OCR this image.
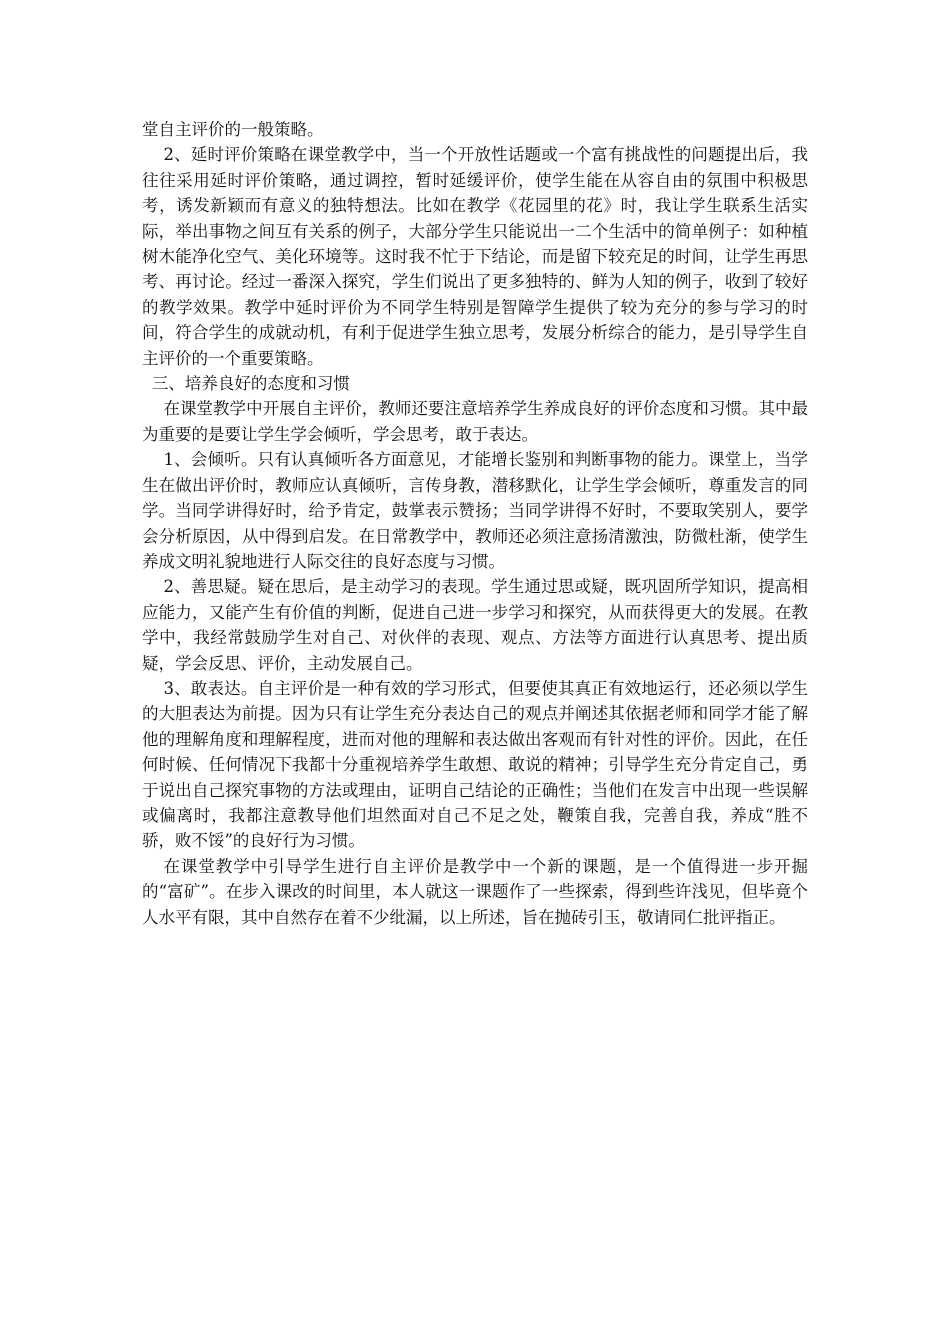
堂自主评价的一般策略。

2、延时评价策略在课堂教学中，当一个开放性话题或一个富有挑战性的问题提出后，我往往采用延时评价策略，通过调控，暂时延缓评价，使学生能在从容自由的氛围中积极思考，诱发新颖而有意义的独特想法。比如在教学《花园里的花》时，我让学生联系生活实际，举出事物之间互有关系的例子，大部分学生只能说出一二个生活中的简单例子：如种植树木能净化空气、美化环境等。这时我不忙于下结论，而是留下较充足的时间，让学生再思考、再讨论。经过一番深入探究，学生们说出了更多独特的、鲜为人知的例子，收到了较好的教学效果。教学中延时评价为不同学生特别是智障学生提供了较为充分的参与学习的时间，符合学生的成就动机，有利于促进学生独立思考，发展分析综合的能力，是引导学生自主评价的一个重要策略。

三、培养良好的态度和习惯

在课堂教学中开展自主评价，教师还要注意培养学生养成良好的评价态度和习惯。其中最为重要的是要让学生学会倾听，学会思考，敢于表达。

1、会倾听。只有认真倾听各方面意见，才能增长鉴别和判断事物的能力。课堂上，当学生在做出评价时，教师应认真倾听，言传身教，潜移默化，让学生学会倾听，尊重发言的同学。当同学讲得好时，给予肯定，鼓掌表示赞扬；当同学讲得不好时，不要取笑别人，要学会分析原因，从中得到启发。在日常教学中，教师还必须注意扬清激浊，防微杜渐，使学生养成文明礼貌地进行人际交往的良好态度与习惯。

2、善思疑。疑在思后，是主动学习的表现。学生通过思或疑，既巩固所学知识，提高相应能力，又能产生有价值的判断，促进自己进一步学习和探究，从而获得更大的发展。在教学中，我经常鼓励学生对自己、对伙伴的表现、观点、方法等方面进行认真思考、提出质疑，学会反思、评价，主动发展自己。

3、敢表达。自主评价是一种有效的学习形式，但要使其真正有效地运行，还必须以学生的大胆表达为前提。因为只有让学生充分表达自己的观点并阐述其依据老师和同学才能了解他的理解角度和理解程度，进而对他的理解和表达做出客观而有针对性的评价。因此，在任何时候、任何情况下我都十分重视培养学生敢想、敢说的精神；引导学生充分肯定自己，勇于说出自己探究事物的方法或理由，证明自己结论的正确性；当他们在发言中出现一些误解或偏离时，我都注意教导他们坦然面对自己不足之处，鞭策自我，完善自我，养成“胜不骄，败不馁”的良好行为习惯。

在课堂教学中引导学生进行自主评价是教学中一个新的课题，是一个值得进一步开掘的“富矿”。在步入课改的时间里，本人就这一课题作了一些探索，得到些许浅见，但毕竟个人水平有限，其中自然存在着不少纰漏，以上所述，旨在抛砖引玉，敬请同仁批评指正。
